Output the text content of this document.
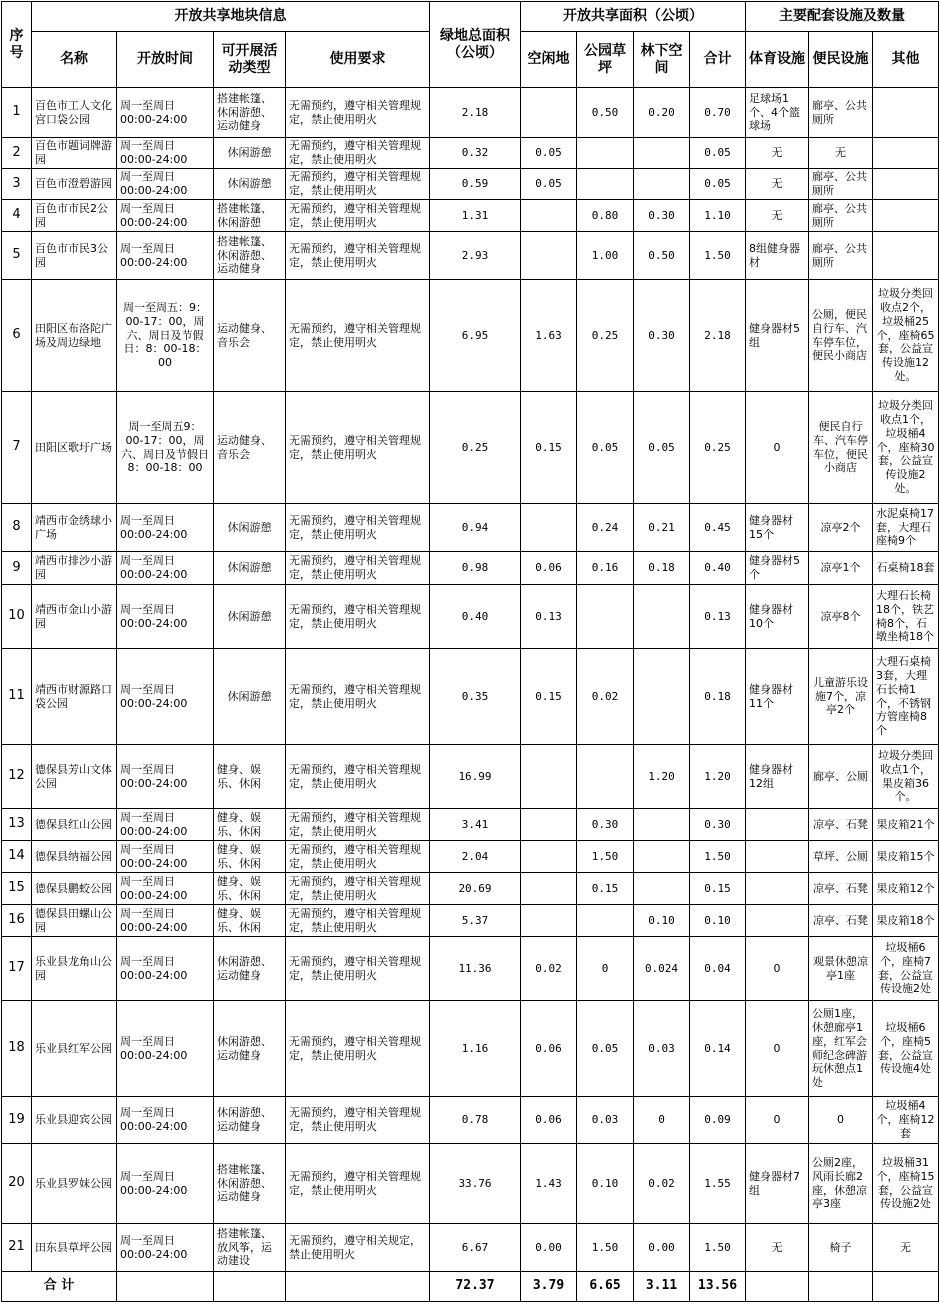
序号	开放共享地块信息				绿地总面积（公顷）	开放共享面积（公顷）				主要配套设施及数量		
	名称	开放时间	可开展活动类型	使用要求		空闲地	公园草坪	林下空间	合计	体育设施	便民设施	其他
1	百色市工人文化宫口袋公园	周一至周日00:00-24:00	搭建帐篷、休闲游憩、运动健身	无需预约，遵守相关管理规定，禁止使用明火	2.18		0.50	0.20	0.70	足球场1个、4个篮球场	廊亭、公共厕所	
2	百色市题词牌游园	周一至周日00:00-24:00	休闲游憩	无需预约，遵守相关管理规定，禁止使用明火	0.32	0.05			0.05	无	无	
3	百色市澄碧游园	周一至周日00:00-24:00	休闲游憩	无需预约，遵守相关管理规定，禁止使用明火	0.59	0.05			0.05	无	廊亭、公共厕所	
4	百色市市民2公园	周一至周日00:00-24:00	搭建帐篷、休闲游憩	无需预约，遵守相关管理规定，禁止使用明火	1.31		0.80	0.30	1.10	无	廊亭、公共厕所	
5	百色市市民3公园	周一至周日00:00-24:00	搭建帐篷、休闲游憩、运动健身	无需预约，遵守相关管理规定，禁止使用明火	2.93		1.00	0.50	1.50	8组健身器材	廊亭、公共厕所	
6	田阳区布洛陀广场及周边绿地	周一至周五：9：00-17：00，周六、周日及节假日：8：00-18：00	运动健身、音乐会	无需预约，遵守相关管理规定，禁止使用明火	6.95	1.63	0.25	0.30	2.18	健身器材5组	公厕，便民自行车、汽车停车位，便民小商店	垃圾分类回收点2个，垃圾桶25个，座椅65套，公益宣传设施12处。
7	田阳区歌圩广场	周一至周五9：00-17：00，周六、周日及节假日8：00-18：00	运动健身、音乐会	无需预约，遵守相关管理规定，禁止使用明火	0.25	0.15	0.05	0.05	0.25	0	便民自行车、汽车停车位，便民小商店	垃圾分类回收点1个，垃圾桶4个，座椅30套，公益宣传设施2处。
8	靖西市金绣球小广场	周一至周日00:00-24:00	休闲游憩	无需预约，遵守相关管理规定，禁止使用明火	0.94		0.24	0.21	0.45	健身器材15个	凉亭2个	水泥桌椅17套，大理石座椅9个
9	靖西市排沙小游园	周一至周日00:00-24:00	休闲游憩	无需预约，遵守相关管理规定，禁止使用明火	0.98	0.06	0.16	0.18	0.40	健身器材5个	凉亭1个	石桌椅18套
10	靖西市金山小游园	周一至周日00:00-24:00	休闲游憩	无需预约，遵守相关管理规定，禁止使用明火	0.40	0.13			0.13	健身器材10个	凉亭8个	大理石长椅18个，铁艺椅8个，石墩坐椅18个
11	靖西市财源路口袋公园	周一至周日00:00-24:00	休闲游憩	无需预约，遵守相关管理规定，禁止使用明火	0.35	0.15	0.02		0.18	健身器材11个	儿童游乐设施7个，凉亭2个	大理石桌椅3套，大理石长椅1个，不锈钢方管座椅8个
12	德保县芳山文体公园	周一至周日00:00-24:00	健身、娱乐、休闲	无需预约，遵守相关管理规定，禁止使用明火	16.99			1.20	1.20	健身器材12组	廊亭、公厕	垃圾分类回收点1个，果皮箱36个。
13	德保县红山公园	周一至周日00:00-24:00	健身、娱乐、休闲	无需预约，遵守相关管理规定，禁止使用明火	3.41		0.30		0.30		凉亭、石凳	果皮箱21个
14	德保县纳福公园	周一至周日00:00-24:00	健身、娱乐、休闲	无需预约，遵守相关管理规定，禁止使用明火	2.04		1.50		1.50		草坪、公厕	果皮箱15个
15	德保县鹏蛟公园	周一至周日00:00-24:00	健身、娱乐、休闲	无需预约，遵守相关管理规定，禁止使用明火	20.69		0.15		0.15		凉亭、石凳	果皮箱12个
16	德保县田螺山公园	周一至周日00:00-24:00	健身、娱乐、休闲	无需预约，遵守相关管理规定，禁止使用明火	5.37			0.10	0.10		凉亭、石凳	果皮箱18个
17	乐业县龙角山公园	周一至周日00:00-24:00	休闲游憩、运动健身	无需预约，遵守相关管理规定，禁止使用明火	11.36	0.02	0	0.024	0.04	0	观景休憩凉亭1座	垃圾桶6个，座椅7套，公益宣传设施2处
18	乐业县红军公园	周一至周日00:00-24:00	休闲游憩、运动健身	无需预约，遵守相关管理规定，禁止使用明火	1.16	0.06	0.05	0.03	0.14	0	公厕1座，休憩廊亭1座，红军会师纪念碑游玩休憩点1处	垃圾桶6个，座椅5套，公益宣传设施4处
19	乐业县迎宾公园	周一至周日00:00-24:00	休闲游憩、运动健身	无需预约，遵守相关管理规定，禁止使用明火	0.78	0.06	0.03	0	0.09	0	0	垃圾桶4个，座椅12套
20	乐业县罗妹公园	周一至周日00:00-24:00	搭建帐篷、休闲游憩、运动健身	无需预约，遵守相关管理规定，禁止使用明火	33.76	1.43	0.10	0.02	1.55	健身器材7组	公厕2座，风雨长廊2座，休憩凉亭3座	垃圾桶31个，座椅15套，公益宣传设施2处
21	田东县草坪公园	周一至周日00:00-24:00	搭建帐篷、放风筝，运动建设	无需预约，遵守相关规定，禁止使用明火	6.67	0.00	1.50	0.00	1.50	无	椅子	无
合 计					72.37	3.79	6.65	3.11	13.56			
